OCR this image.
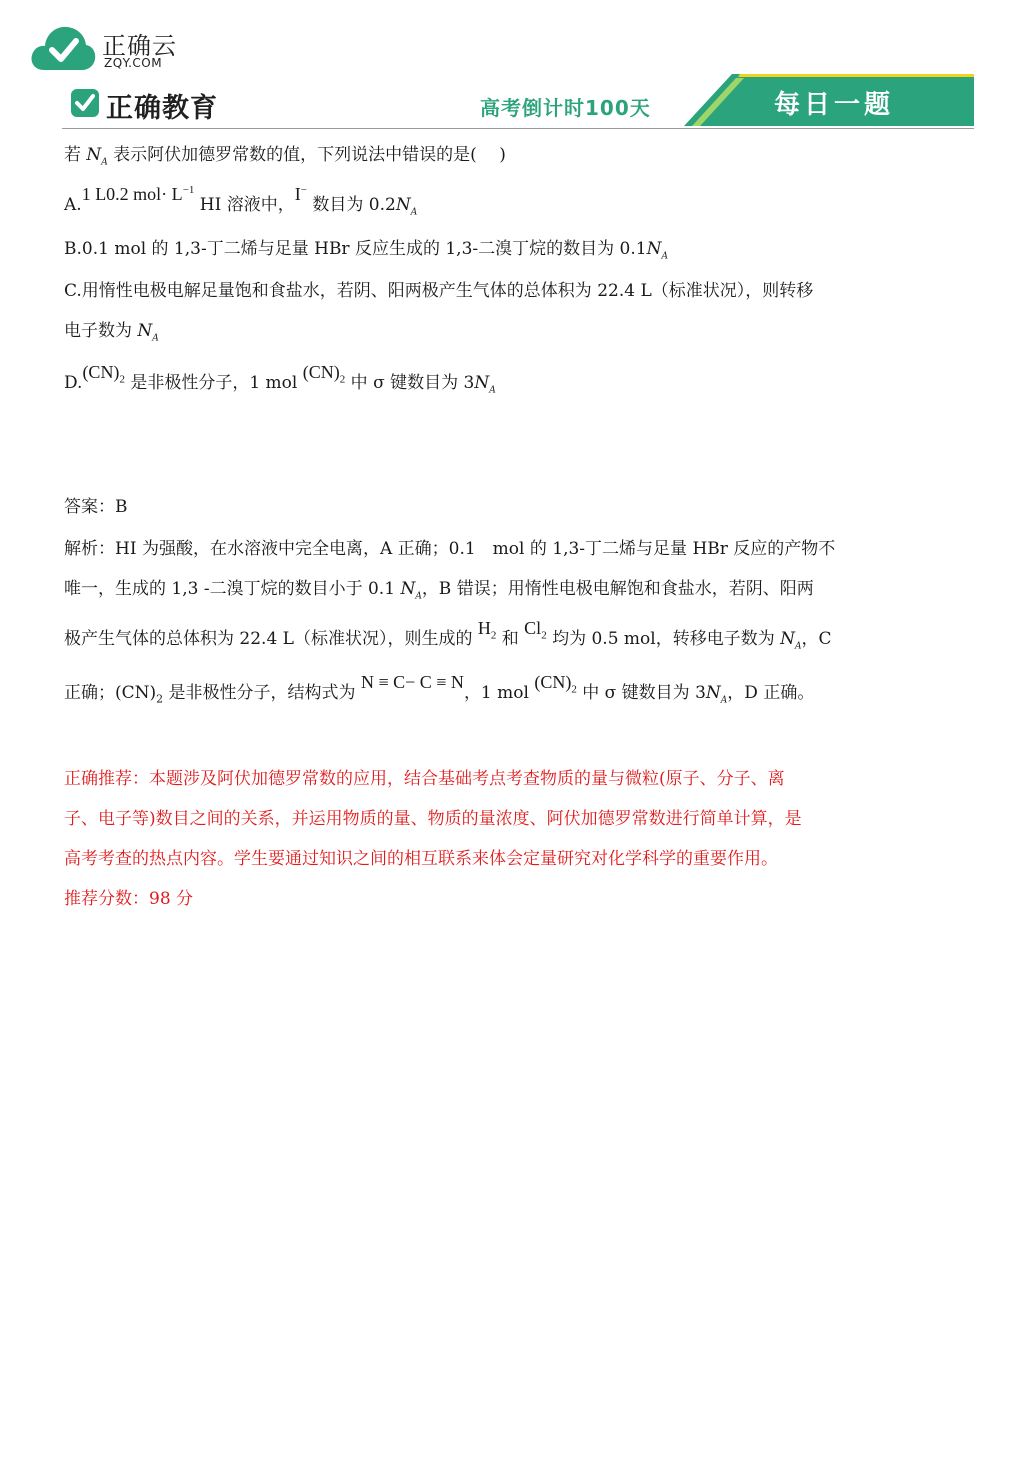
正确云
ZQY.COM
正确教育	高考倒计时100天	每日一题
若 $N_A$ 表示阿伏加德罗常数的值，下列说法中错误的是(　 )
A.1 L0.2 $mol\cdot L^{-1}$ HI 溶液中，I− 数目为 $0.2N_A$
B.0.1 mol 的 1,3-丁二烯与足量 HBr 反应生成的 1,3-二溴丁烷的数目为 $0.1N_A$
C.用惰性电极电解足量饱和食盐水，若阴、阳两极产生气体的总体积为 22.4 L（标准状况），则转移
电子数为 $N_A$
$D.(CN)_2$ 是非极性分子，1 mol $(CN)_2$ 中 σ 键数目为 $3N_A$
答案：B
解析：HI 为强酸，在水溶液中完全电离，A 正确；0.1　mol 的 1,3-丁二烯与足量 HBr 反应的产物不
唯一，生成的 1,3 -二溴丁烷的数目小于 0.1 $N_A$，B 错误；用惰性电极电解饱和食盐水，若阴、阳两
极产生气体的总体积为 22.4 L（标准状况），则生成的 $H_2$ 和 $Cl_2$ 均为 0.5 mol，转移电子数为 $N_A$，C
正确；$(CN)_2$ 是非极性分子，结构式为 N ≡ C− C ≡ N，1 mol $(CN)_2$ 中 σ 键数目为 $3N_A$，D 正确。
正确推荐：本题涉及阿伏加德罗常数的应用，结合基础考点考查物质的量与微粒(原子、分子、离
子、电子等)数目之间的关系，并运用物质的量、物质的量浓度、阿伏加德罗常数进行简单计算，是
高考考查的热点内容。学生要通过知识之间的相互联系来体会定量研究对化学科学的重要作用。
推荐分数：98 分
